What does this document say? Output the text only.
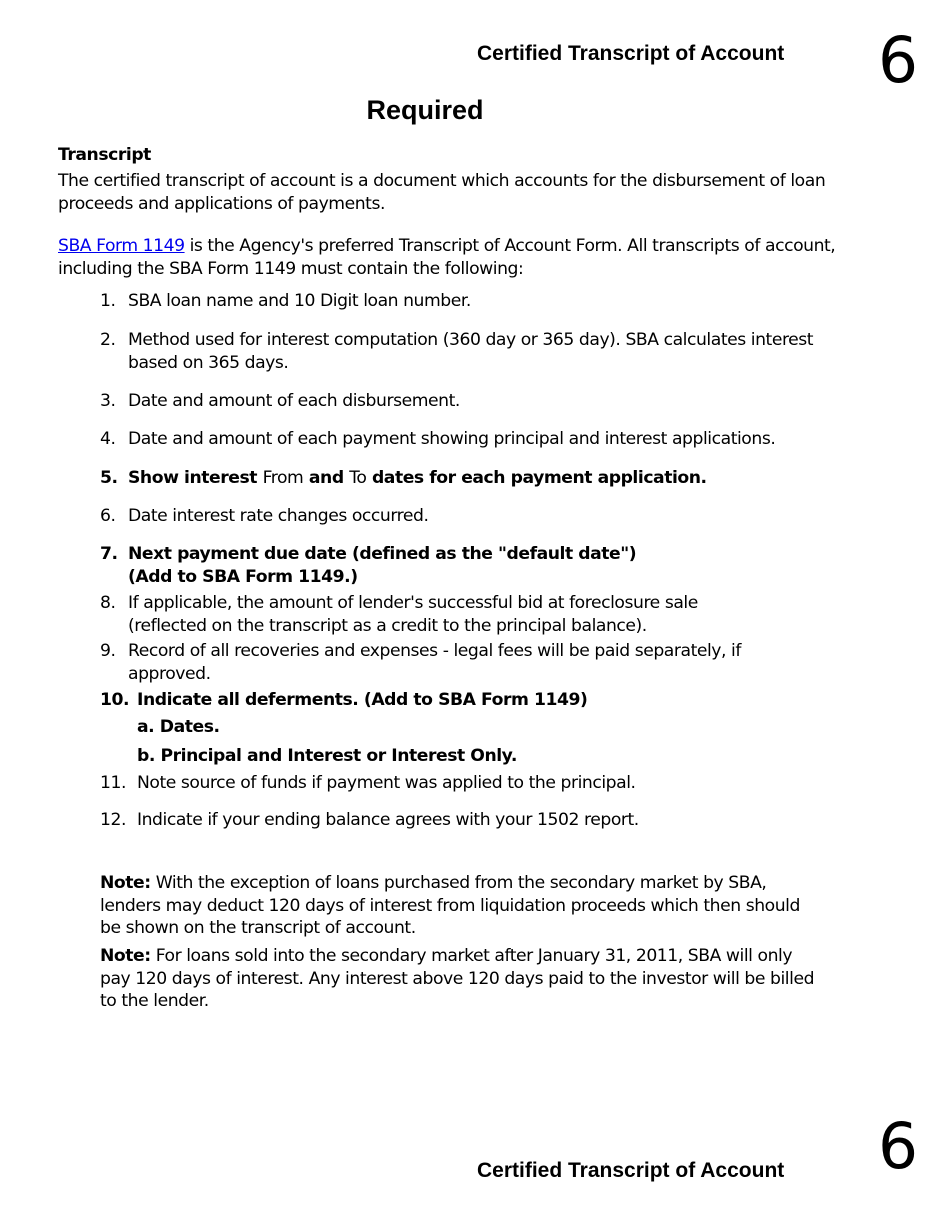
Certified Transcript of Account 6
Required
Transcript
The certified transcript of account is a document which accounts for the disbursement of loan proceeds and applications of payments.
SBA Form 1149 is the Agency's preferred Transcript of Account Form. All transcripts of account, including the SBA Form 1149 must contain the following:
1. SBA loan name and 10 Digit loan number.
2. Method used for interest computation (360 day or 365 day). SBA calculates interest based on 365 days.
3. Date and amount of each disbursement.
4. Date and amount of each payment showing principal and interest applications.
5. Show interest From and To dates for each payment application.
6. Date interest rate changes occurred.
7. Next payment due date (defined as the "default date")
(Add to SBA Form 1149.)
8. If applicable, the amount of lender's successful bid at foreclosure sale (reflected on the transcript as a credit to the principal balance).
9. Record of all recoveries and expenses - legal fees will be paid separately, if approved.
10. Indicate all deferments. (Add to SBA Form 1149)
a. Dates.
b. Principal and Interest or Interest Only.
11. Note source of funds if payment was applied to the principal.
12. Indicate if your ending balance agrees with your 1502 report.
Note: With the exception of loans purchased from the secondary market by SBA, lenders may deduct 120 days of interest from liquidation proceeds which then should be shown on the transcript of account.
Note: For loans sold into the secondary market after January 31, 2011, SBA will only pay 120 days of interest. Any interest above 120 days paid to the investor will be billed to the lender.
Certified Transcript of Account 6
